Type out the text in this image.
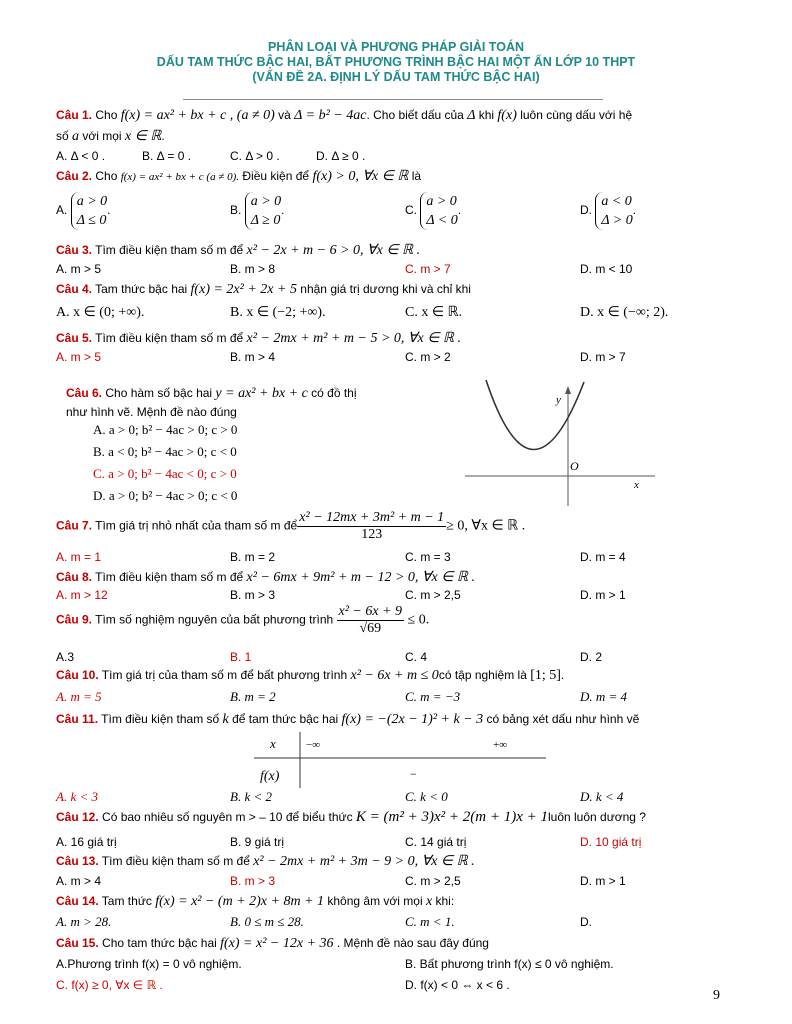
PHÂN LOẠI VÀ PHƯƠNG PHÁP GIẢI TOÁN
DẤU TAM THỨC BẬC HAI, BẤT PHƯƠNG TRÌNH BẬC HAI MỘT ẨN LỚP 10 THPT
(VẤN ĐỀ 2A. ĐỊNH LÝ DẤU TAM THỨC BẬC HAI)
Câu 1. Cho f(x) = ax² + bx + c , (a ≠ 0) và Δ = b² − 4ac. Cho biết dấu của Δ khi f(x) luôn cùng dấu với hệ
số a với mọi x ∈ ℝ.
A. Δ < 0 .	B. Δ = 0 .	C. Δ > 0 .	D. Δ ≥ 0 .
Câu 2. Cho f(x) = ax² + bx + c (a ≠ 0). Điều kiện để f(x) > 0, ∀x ∈ ℝ là
A. a > 0
Δ ≤ 0.	B. a > 0
Δ ≥ 0.	C. a > 0
Δ < 0.	D. a < 0
Δ > 0.
Câu 3. Tìm điều kiện tham số m để x² − 2x + m − 6 > 0, ∀x ∈ ℝ .
A. m > 5	B. m > 8	C. m > 7	D. m < 10
Câu 4. Tam thức bậc hai f(x) = 2x² + 2x + 5 nhận giá trị dương khi và chỉ khi
A. x ∈ (0; +∞).	B. x ∈ (−2; +∞).	C. x ∈ ℝ.	D. x ∈ (−∞; 2).
Câu 5. Tìm điều kiện tham số m để x² − 2mx + m² + m − 5 > 0, ∀x ∈ ℝ .
A. m > 5	B. m > 4	C. m > 2	D. m > 7
Câu 6. Cho hàm số bậc hai y = ax² + bx + c có đồ thị
như hình vẽ. Mệnh đề nào đúng
A. a > 0; b² − 4ac > 0; c > 0
B. a < 0; b² − 4ac > 0; c < 0
C. a > 0; b² − 4ac < 0; c > 0
D. a > 0; b² − 4ac > 0; c < 0
y
O
x
Câu 7. Tìm giá trị nhỏ nhất của tham số m để $\frac{\text{x² − 12mx + 3m² + m − 1}}{123} \ge 0$, ∀x ∈ ℝ .
A. m = 1	B. m = 2	C. m = 3	D. m = 4
Câu 8. Tìm điều kiện tham số m để x² − 6mx + 9m² + m − 12 > 0, ∀x ∈ ℝ .
A. m > 12	B. m > 3	C. m > 2,5	D. m > 1
Câu 9. Tìm số nghiệm nguyên của bất phương trình $\frac{\text{x² − 6x + 9}}{√69} \le 0$.
A.3	B. 1	C. 4	D. 2
Câu 10. Tìm giá trị của tham số m để bất phương trình x² − 6x + m ≤ 0có tập nghiệm là [1; 5].
A. m = 5	B. m = 2	C. m = −3	D. m = 4
Câu 11. Tìm điều kiện tham số k để tam thức bậc hai f(x) = −(2x − 1)² + k − 3 có bảng xét dấu như hình vẽ
x	−∞	+∞
f(x)	−
A. k < 3	B. k < 2	C. k < 0	D. k < 4
Câu 12. Có bao nhiêu số nguyên m > – 10 để biểu thức K = (m² + 3)x² + 2(m + 1)x + 1luôn luôn dương ?
A. 16 giá trị	B. 9 giá trị	C. 14 giá trị	D. 10 giá trị
Câu 13. Tìm điều kiện tham số m để x² − 2mx + m² + 3m − 9 > 0, ∀x ∈ ℝ .
A. m > 4	B. m > 3	C. m > 2,5	D. m > 1
Câu 14. Tam thức f(x) = x² − (m + 2)x + 8m + 1 không âm với mọi x khi:
A. m > 28.	B. 0 ≤ m ≤ 28.	C. m < 1.	D.
Câu 15. Cho tam thức bậc hai f(x) = x² − 12x + 36 . Mệnh đề nào sau đây đúng
A.Phương trình f(x) = 0 vô nghiệm.	B. Bất phương trình f(x) ≤ 0 vô nghiệm.
C. f(x) ≥ 0, ∀x ∈ ℝ .	D. f(x) < 0 ⇔ x < 6 .
9
